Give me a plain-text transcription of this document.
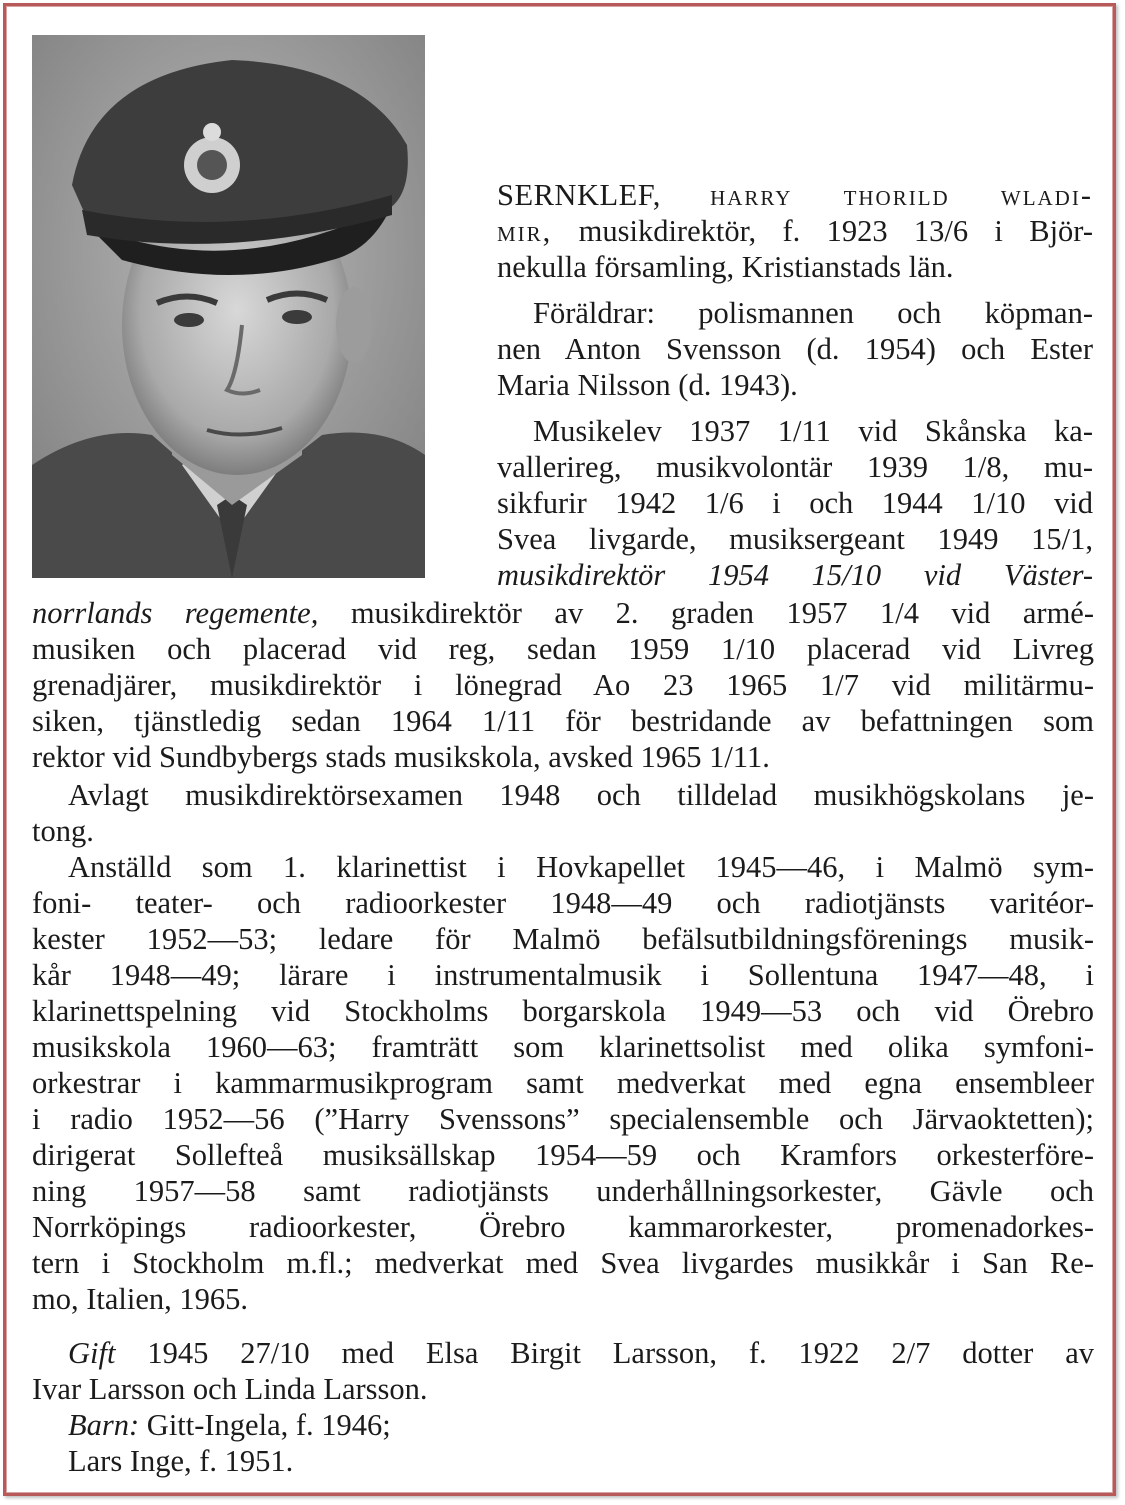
SERNKLEF, harry thorild wladi-
mir, musikdirektör, f. 1923 13/6 i Björ-
nekulla församling, Kristianstads län.
Föräldrar: polismannen och köpman-
nen Anton Svensson (d. 1954) och Ester
Maria Nilsson (d. 1943).
Musikelev 1937 1/11 vid Skånska ka-
vallerireg, musikvolontär 1939 1/8, mu-
sikfurir 1942 1/6 i och 1944 1/10 vid
Svea livgarde, musiksergeant 1949 15/1,
musikdirektör 1954 15/10 vid Väster-
norrlands regemente, musikdirektör av 2. graden 1957 1/4 vid armé-
musiken och placerad vid reg, sedan 1959 1/10 placerad vid Livreg
grenadjärer, musikdirektör i lönegrad Ao 23 1965 1/7 vid militärmu-
siken, tjänstledig sedan 1964 1/11 för bestridande av befattningen som
rektor vid Sundbybergs stads musikskola, avsked 1965 1/11.
Avlagt musikdirektörsexamen 1948 och tilldelad musikhögskolans je-
tong.
Anställd som 1. klarinettist i Hovkapellet 1945—46, i Malmö sym-
foni- teater- och radioorkester 1948—49 och radiotjänsts varitéor-
kester 1952—53; ledare för Malmö befälsutbildningsförenings musik-
kår 1948—49; lärare i instrumentalmusik i Sollentuna 1947—48, i
klarinettspelning vid Stockholms borgarskola 1949—53 och vid Örebro
musikskola 1960—63; framträtt som klarinettsolist med olika symfoni-
orkestrar i kammarmusikprogram samt medverkat med egna ensembleer
i radio 1952—56 (”Harry Svenssons” specialensemble och Järvaoktetten);
dirigerat Sollefteå musiksällskap 1954—59 och Kramfors orkesterföre-
ning 1957—58 samt radiotjänsts underhållningsorkester, Gävle och
Norrköpings radioorkester, Örebro kammarorkester, promenadorkes-
tern i Stockholm m.fl.; medverkat med Svea livgardes musikkår i San Re-
mo, Italien, 1965.
Gift 1945 27/10 med Elsa Birgit Larsson, f. 1922 2/7 dotter av
Ivar Larsson och Linda Larsson.
Barn: Gitt-Ingela, f. 1946;
Lars Inge, f. 1951.
